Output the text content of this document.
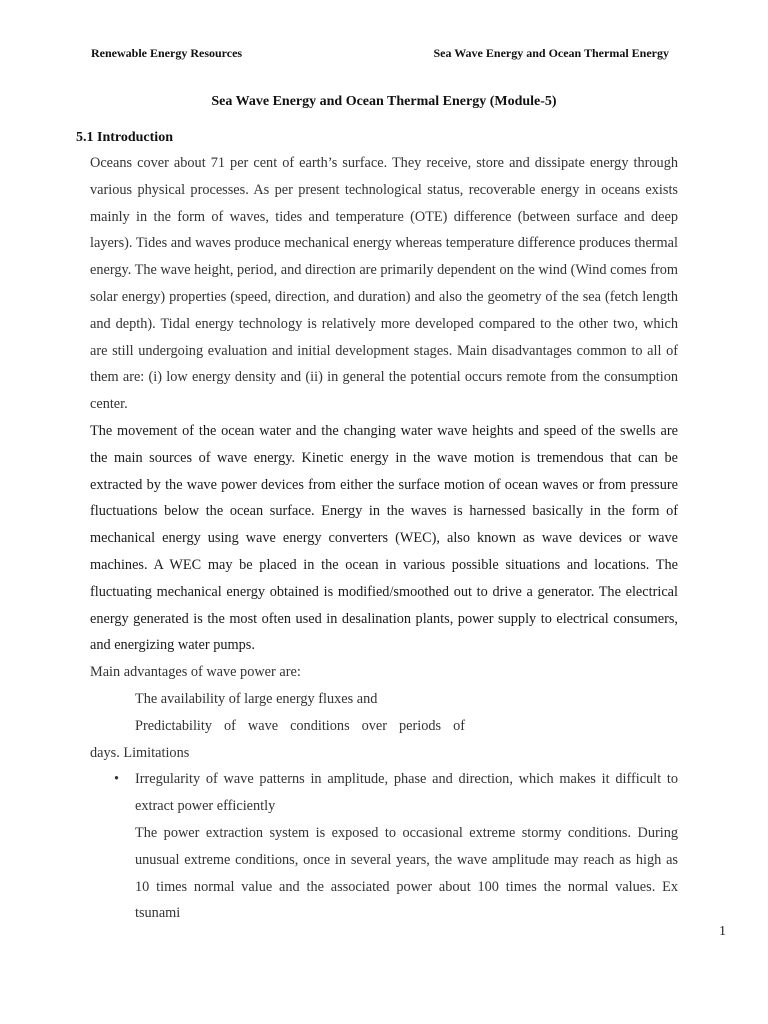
Renewable Energy Resources	Sea Wave Energy and Ocean Thermal Energy
Sea Wave Energy and Ocean Thermal Energy (Module-5)
5.1 Introduction
Oceans cover about 71 per cent of earth’s surface. They receive, store and dissipate energy through various physical processes. As per present technological status, recoverable energy in oceans exists mainly in the form of waves, tides and temperature (OTE) difference (between surface and deep layers). Tides and waves produce mechanical energy whereas temperature difference produces thermal energy. The wave height, period, and direction are primarily dependent on the wind (Wind comes from solar energy) properties (speed, direction, and duration) and also the geometry of the sea (fetch length and depth). Tidal energy technology is relatively more developed compared to the other two, which are still undergoing evaluation and initial development stages. Main disadvantages common to all of them are: (i) low energy density and (ii) in general the potential occurs remote from the consumption center.
The movement of the ocean water and the changing water wave heights and speed of the swells are the main sources of wave energy. Kinetic energy in the wave motion is tremendous that can be extracted by the wave power devices from either the surface motion of ocean waves or from pressure fluctuations below the ocean surface. Energy in the waves is harnessed basically in the form of mechanical energy using wave energy converters (WEC), also known as wave devices or wave machines. A WEC may be placed in the ocean in various possible situations and locations. The fluctuating mechanical energy obtained is modified/smoothed out to drive a generator. The electrical energy generated is the most often used in desalination plants, power supply to electrical consumers, and energizing water pumps.
Main advantages of wave power are:
The availability of large energy fluxes and
Predictability of wave conditions over periods of
days. Limitations
• Irregularity of wave patterns in amplitude, phase and direction, which makes it difficult to extract power efficiently
The power extraction system is exposed to occasional extreme stormy conditions. During unusual extreme conditions, once in several years, the wave amplitude may reach as high as 10 times normal value and the associated power about 100 times the normal values. Ex tsunami
1
